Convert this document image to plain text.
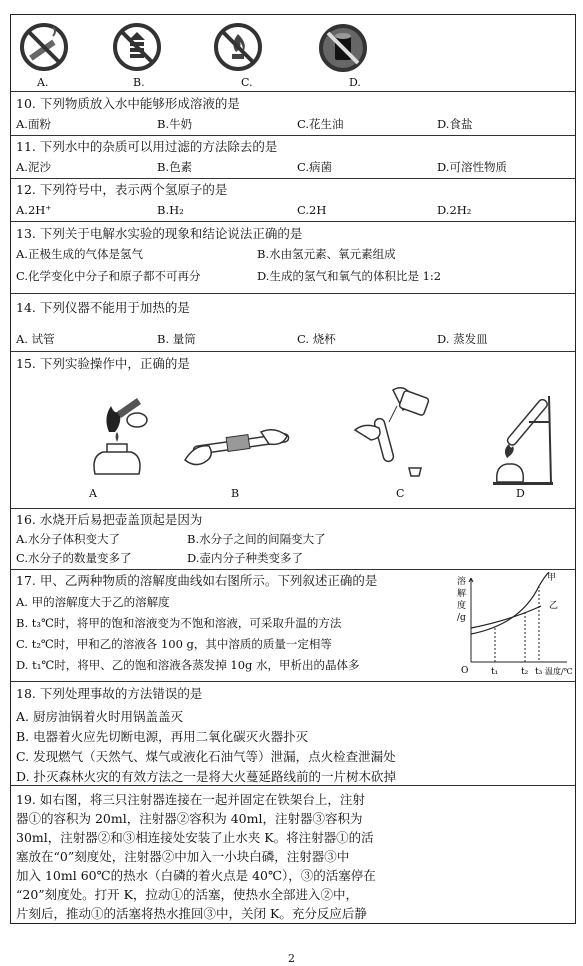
A.	B.	C.	D.
10. 下列物质放入水中能够形成溶液的是
A.面粉	B.牛奶	C.花生油	D.食盐
11. 下列水中的杂质可以用过滤的方法除去的是
A.泥沙	B.色素	C.病菌	D.可溶性物质
12. 下列符号中，表示两个氢原子的是
A.2H⁺	B.H₂	C.2H	D.2H₂
13. 下列关于电解水实验的现象和结论说法正确的是
A.正极生成的气体是氢气	B.水由氢元素、氧元素组成
C.化学变化中分子和原子都不可再分	D.生成的氢气和氧气的体积比是 1:2
14. 下列仪器不能用于加热的是
A. 试管	B. 量筒	C. 烧杯	D. 蒸发皿
15. 下列实验操作中，正确的是
A	B	C	D
16. 水烧开后易把壶盖顶起是因为
A.水分子体积变大了	B.水分子之间的间隔变大了
C.水分子的数量变多了	D.壶内分子种类变多了
17. 甲、乙两种物质的溶解度曲线如右图所示。下列叙述正确的是
A. 甲的溶解度大于乙的溶解度
B. t₃℃时，将甲的饱和溶液变为不饱和溶液，可采取升温的方法
C. t₂℃时，甲和乙的溶液各 100 g，其中溶质的质量一定相等
D. t₁℃时，将甲、乙的饱和溶液各蒸发掉 10g 水，甲析出的晶体多
溶
解
度
/g
甲
乙
O	t₁	t₂ t₃ 温度/℃
18. 下列处理事故的方法错误的是
A. 厨房油锅着火时用锅盖盖灭
B. 电器着火应先切断电源，再用二氧化碳灭火器扑灭
C. 发现燃气（天然气、煤气或液化石油气等）泄漏，点火检查泄漏处
D. 扑灭森林火灾的有效方法之一是将大火蔓延路线前的一片树木砍掉
19. 如右图，将三只注射器连接在一起并固定在铁架台上，注射
器①的容积为 20ml，注射器②容积为 40ml，注射器③容积为
30ml，注射器②和③相连接处安装了止水夹 K。将注射器①的活
塞放在“0”刻度处，注射器②中加入一小块白磷，注射器③中
加入 10ml 60℃的热水（白磷的着火点是 40℃），③的活塞停在
“20”刻度处。打开 K，拉动①的活塞，使热水全部进入②中，
片刻后，推动①的活塞将热水推回③中，关闭 K。充分反应后静
2
